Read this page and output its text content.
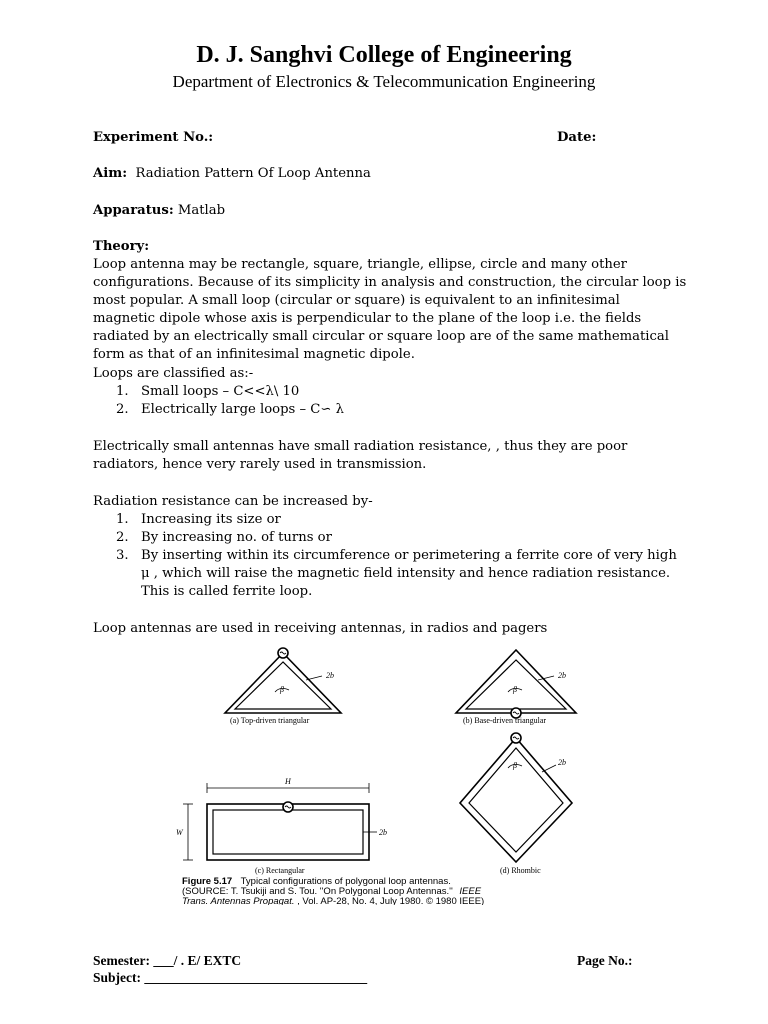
D. J. Sanghvi College of Engineering
Department of Electronics & Telecommunication Engineering
Experiment No.:	Date:
Aim: Radiation Pattern Of Loop Antenna
Apparatus: Matlab
Theory:
Loop antenna may be rectangle, square, triangle, ellipse, circle and many other
configurations. Because of its simplicity in analysis and construction, the circular loop is
most popular. A small loop (circular or square) is equivalent to an infinitesimal
magnetic dipole whose axis is perpendicular to the plane of the loop i.e. the fields
radiated by an electrically small circular or square loop are of the same mathematical
form as that of an infinitesimal magnetic dipole.
Loops are classified as:-
1. Small loops – C<<λ\ 10
2. Electrically large loops – C∽ λ
Electrically small antennas have small radiation resistance, , thus they are poor
radiators, hence very rarely used in transmission.
Radiation resistance can be increased by-
1. Increasing its size or
2. By increasing no. of turns or
3. By inserting within its circumference or perimetering a ferrite core of very high
μ , which will raise the magnetic field intensity and hence radiation resistance.
This is called ferrite loop.
Loop antennas are used in receiving antennas, in radios and pagers
β
2b
(a) Top-driven triangular
β
2b
(b) Base-driven triangular
H
W	2b
(c) Rectangular
β	2b
(d) Rhombic
Figure 5.17 Typical configurations of polygonal loop antennas.
(SOURCE: T. Tsukiji and S. Tou. ''On Polygonal Loop Antennas.'' IEEE
Trans. Antennas Propagat. , Vol. AP-28, No. 4, July 1980. © 1980 IEEE)
Semester: ___/ . E/ EXTC	Page No.:
Subject: _________________________________
